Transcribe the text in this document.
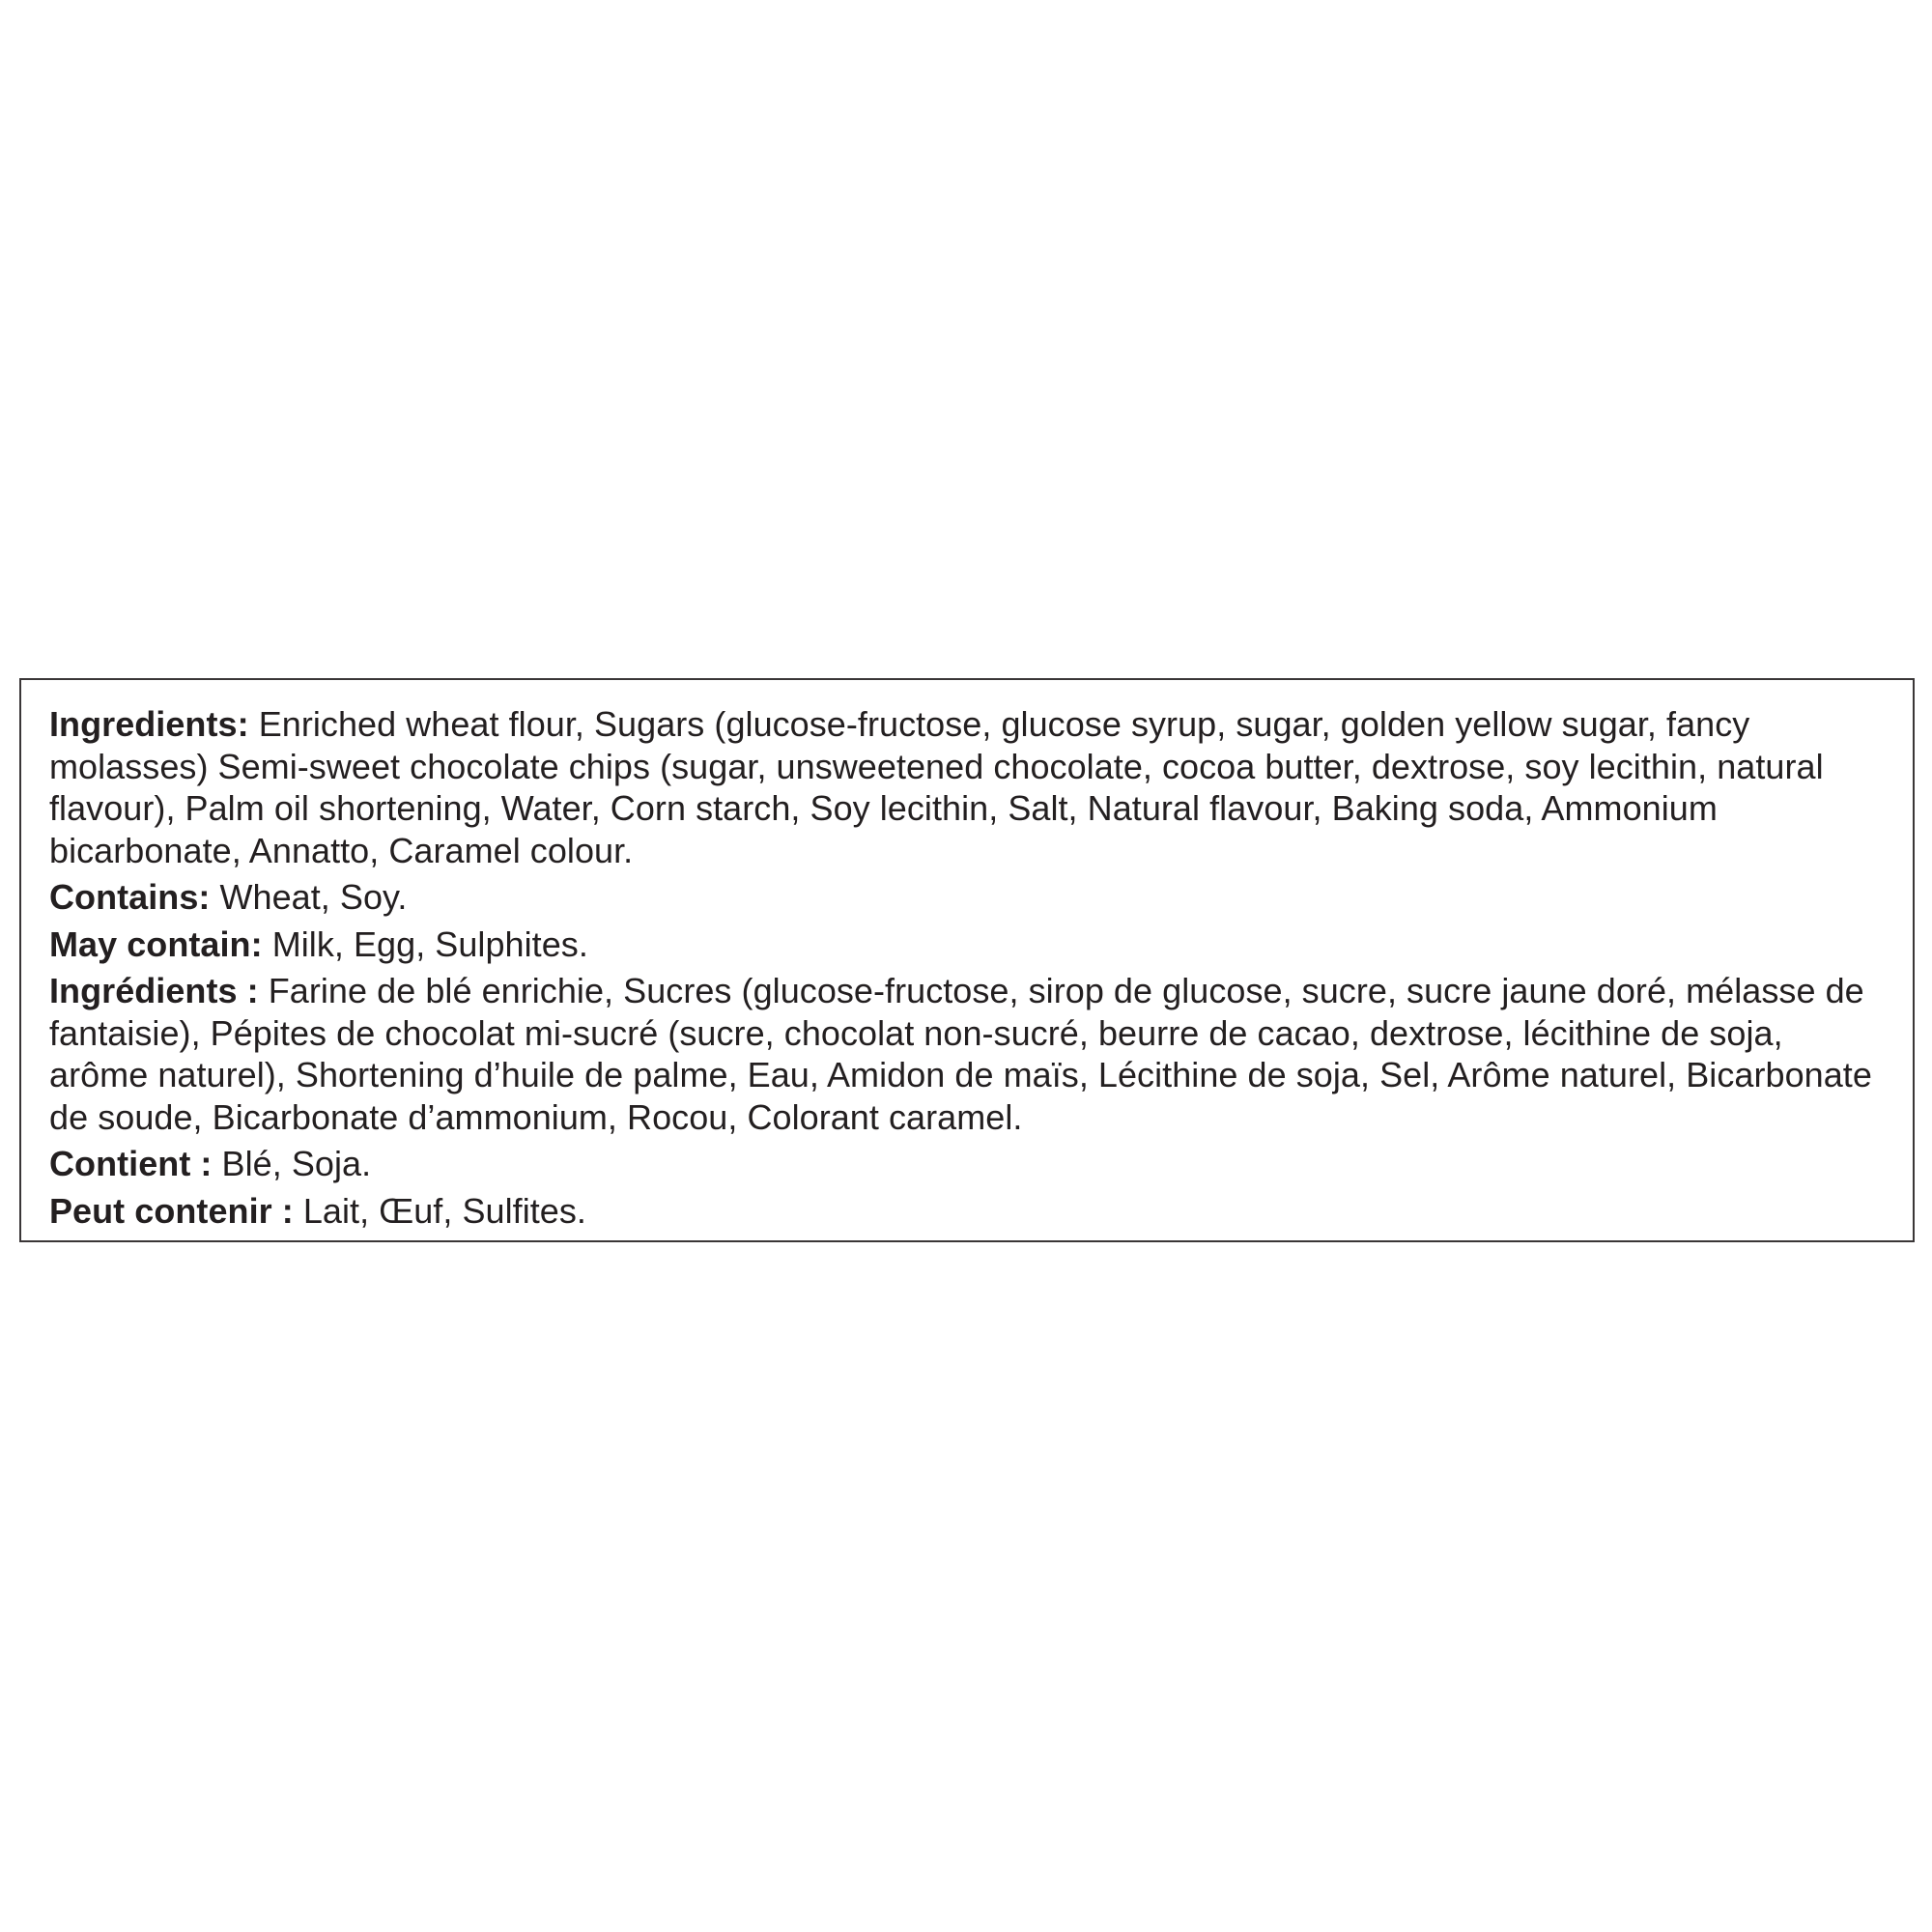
Ingredients: Enriched wheat flour, Sugars (glucose-fructose, glucose syrup, sugar, golden yellow sugar, fancy molasses) Semi-sweet chocolate chips (sugar, unsweetened chocolate, cocoa butter, dextrose, soy lecithin, natural flavour), Palm oil shortening, Water, Corn starch, Soy lecithin, Salt, Natural flavour, Baking soda, Ammonium bicarbonate, Annatto, Caramel colour.

Contains: Wheat, Soy.

May contain: Milk, Egg, Sulphites.

Ingrédients : Farine de blé enrichie, Sucres (glucose-fructose, sirop de glucose, sucre, sucre jaune doré, mélasse de fantaisie), Pépites de chocolat mi-sucré (sucre, chocolat non-sucré, beurre de cacao, dextrose, lécithine de soja, arôme naturel), Shortening d’huile de palme, Eau, Amidon de maïs, Lécithine de soja, Sel, Arôme naturel, Bicarbonate de soude, Bicarbonate d’ammonium, Rocou, Colorant caramel.

Contient : Blé, Soja.

Peut contenir : Lait, Œuf, Sulfites.
